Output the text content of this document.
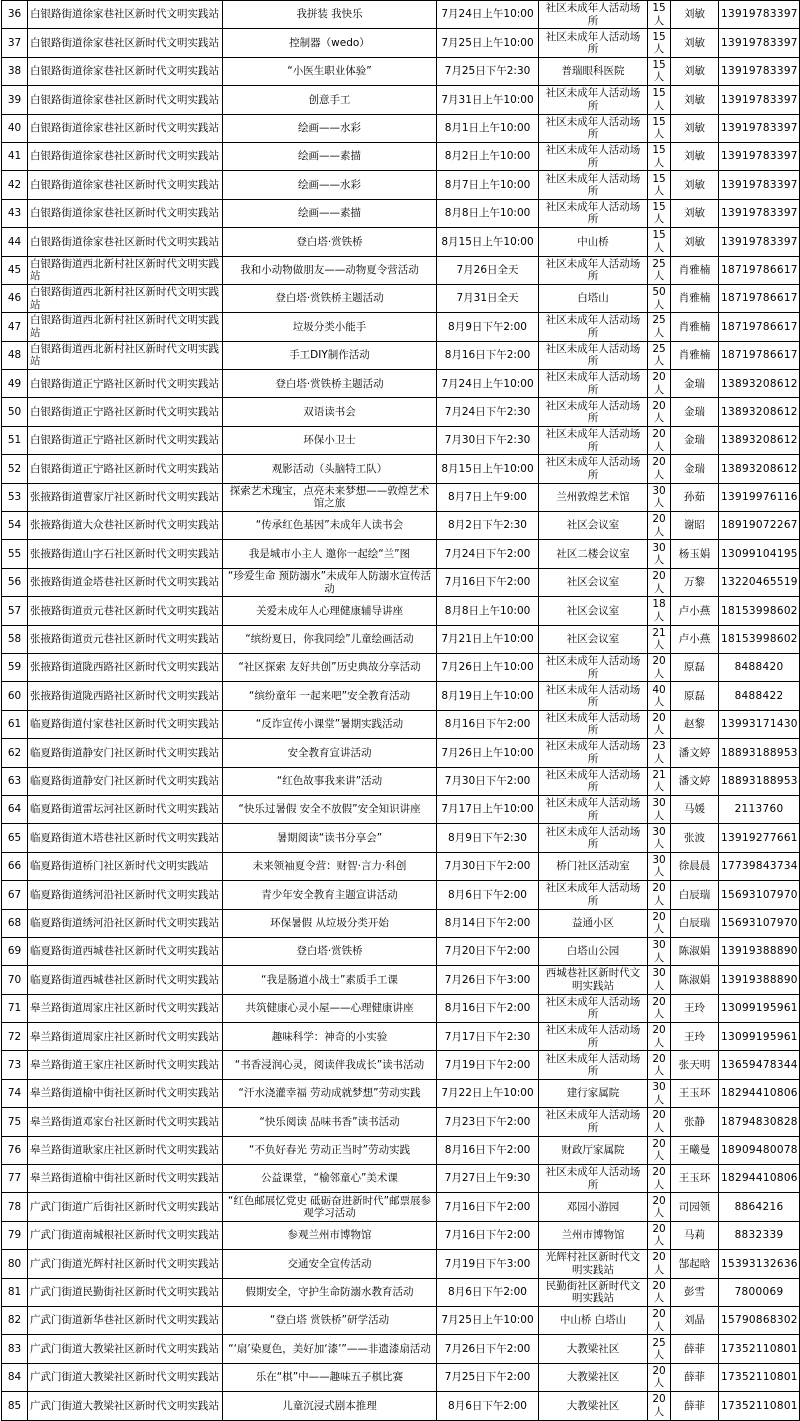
36	白银路街道徐家巷社区新时代文明实践站	我拼装 我快乐	7月24日上午10:00	社区未成年人活动场所	15人	刘敏	13919783397
37	白银路街道徐家巷社区新时代文明实践站	控制器（wedo）	7月25日上午10:00	社区未成年人活动场所	15人	刘敏	13919783397
38	白银路街道徐家巷社区新时代文明实践站	“小医生职业体验”	7月25日下午2:30	普瑞眼科医院	15人	刘敏	13919783397
39	白银路街道徐家巷社区新时代文明实践站	创意手工	7月31日上午10:00	社区未成年人活动场所	15人	刘敏	13919783397
40	白银路街道徐家巷社区新时代文明实践站	绘画——水彩	8月1日上午10:00	社区未成年人活动场所	15人	刘敏	13919783397
41	白银路街道徐家巷社区新时代文明实践站	绘画——素描	8月2日上午10:00	社区未成年人活动场所	15人	刘敏	13919783397
42	白银路街道徐家巷社区新时代文明实践站	绘画——水彩	8月7日上午10:00	社区未成年人活动场所	15人	刘敏	13919783397
43	白银路街道徐家巷社区新时代文明实践站	绘画——素描	8月8日上午10:00	社区未成年人活动场所	15人	刘敏	13919783397
44	白银路街道徐家巷社区新时代文明实践站	登白塔·赏铁桥	8月15日上午10:00	中山桥	15人	刘敏	13919783397
45	白银路街道西北新村社区新时代文明实践站	我和小动物做朋友——动物夏令营活动	7月26日全天	社区未成年人活动场所	25人	肖雅楠	18719786617
46	白银路街道西北新村社区新时代文明实践站	登白塔·赏铁桥主题活动	7月31日全天	白塔山	50人	肖雅楠	18719786617
47	白银路街道西北新村社区新时代文明实践站	垃圾分类小能手	8月9日下午2:00	社区未成年人活动场所	25人	肖雅楠	18719786617
48	白银路街道西北新村社区新时代文明实践站	手工DIY制作活动	8月16日下午2:00	社区未成年人活动场所	25人	肖雅楠	18719786617
49	白银路街道正宁路社区新时代文明实践站	登白塔·赏铁桥主题活动	7月24日上午10:00	社区未成年人活动场所	20人	金瑞	13893208612
50	白银路街道正宁路社区新时代文明实践站	双语读书会	7月24日下午2:30	社区未成年人活动场所	20人	金瑞	13893208612
51	白银路街道正宁路社区新时代文明实践站	环保小卫士	7月30日下午2:30	社区未成年人活动场所	20人	金瑞	13893208612
52	白银路街道正宁路社区新时代文明实践站	观影活动（头脑特工队）	8月15日上午10:00	社区未成年人活动场所	20人	金瑞	13893208612
53	张掖路街道曹家厅社区新时代文明实践站	探索艺术瑰宝，点亮未来梦想——敦煌艺术馆之旅	8月7日上午9:00	兰州敦煌艺术馆	30人	孙茹	13919976116
54	张掖路街道大众巷社区新时代文明实践站	“传承红色基因”未成年人读书会	8月2日下午2:30	社区会议室	20人	谢昭	18919072267
55	张掖路街道山字石社区新时代文明实践站	我是城市小主人 邀你一起绘“兰”图	7月24日下午2:00	社区二楼会议室	30人	杨玉娟	13099104195
56	张掖路街道金塔巷社区新时代文明实践站	“珍爱生命 预防溺水”未成年人防溺水宣传活动	7月16日下午2:00	社区会议室	20人	万黎	13220465519
57	张掖路街道贡元巷社区新时代文明实践站	关爱未成年人心理健康辅导讲座	8月8日上午10:00	社区会议室	18人	卢小燕	18153998602
58	张掖路街道贡元巷社区新时代文明实践站	“缤纷夏日，你我同绘”儿童绘画活动	7月21日上午10:00	社区会议室	21人	卢小燕	18153998602
59	张掖路街道陇西路社区新时代文明实践站	“社区探索 友好共创”历史典故分享活动	7月26日上午10:00	社区未成年人活动场所	20人	原磊	8488420
60	张掖路街道陇西路社区新时代文明实践站	“缤纷童年 一起来吧”安全教育活动	8月19日上午10:00	社区未成年人活动场所	40人	原磊	8488422
61	临夏路街道付家巷社区新时代文明实践站	“反诈宣传小课堂”暑期实践活动	8月16日下午2:00	社区未成年人活动场所	20人	赵黎	13993171430
62	临夏路街道静安门社区新时代文明实践站	安全教育宣讲活动	7月26日上午10:00	社区未成年人活动场所	23人	潘文婷	18893188953
63	临夏路街道静安门社区新时代文明实践站	“红色故事我来讲”活动	7月30日下午2:00	社区未成年人活动场所	21人	潘文婷	18893188953
64	临夏路街道雷坛河社区新时代文明实践站	“快乐过暑假 安全不放假”安全知识讲座	7月17日上午10:00	社区未成年人活动场所	30人	马媛	2113760
65	临夏路街道木塔巷社区新时代文明实践站	暑期阅读“读书分享会”	8月9日下午2:30	社区未成年人活动场所	30人	张波	13919277661
66	临夏路街道桥门社区新时代文明实践站	未来领袖夏令营：财智·言力·科创	7月30日下午2:00	桥门社区活动室	30人	徐晨晨	17739843734
67	临夏路街道绣河沿社区新时代文明实践站	青少年安全教育主题宣讲活动	8月6日下午2:00	社区未成年人活动场所	20人	白辰瑞	15693107970
68	临夏路街道绣河沿社区新时代文明实践站	环保暑假 从垃圾分类开始	8月14日下午2:00	益通小区	20人	白辰瑞	15693107970
69	临夏路街道西城巷社区新时代文明实践站	登白塔·赏铁桥	7月20日下午2:00	白塔山公园	30人	陈淑娟	13919388890
70	临夏路街道西城巷社区新时代文明实践站	“我是肠道小战士”素质手工课	7月26日下午3:00	西城巷社区新时代文明实践站	30人	陈淑娟	13919388890
71	皋兰路街道周家庄社区新时代文明实践站	共筑健康心灵小屋——心理健康讲座	8月16日下午2:00	社区未成年人活动场所	20人	王玲	13099195961
72	皋兰路街道周家庄社区新时代文明实践站	趣味科学：神奇的小实验	7月17日下午2:30	社区未成年人活动场所	20人	王玲	13099195961
73	皋兰路街道王家庄社区新时代文明实践站	“书香浸润心灵，阅读伴我成长”读书活动	7月19日下午2:00	社区未成年人活动场所	20人	张天明	13659478344
74	皋兰路街道榆中街社区新时代文明实践站	“汗水浇灌幸福 劳动成就梦想”劳动实践	7月22日上午10:00	建行家属院	30人	王玉环	18294410806
75	皋兰路街道邓家台社区新时代文明实践站	“快乐阅读 品味书香”读书活动	7月23日下午2:00	社区未成年人活动场所	20人	张静	18794830828
76	皋兰路街道耿家庄社区新时代文明实践站	“不负好春光 劳动正当时”劳动实践	8月16日下午2:00	财政厅家属院	20人	王曦曼	18909480078
77	皋兰路街道榆中街社区新时代文明实践站	公益课堂，“榆邻童心”美术课	7月27日上午9:30	社区未成年人活动场所	20人	王玉环	18294410806
78	广武门街道广后街社区新时代文明实践站	“红色邮展忆党史 砥砺奋进新时代”邮票展参观学习活动	7月16日下午2:00	邓园小游园	20人	司园领	8864216
79	广武门街道南城根社区新时代文明实践站	参观兰州市博物馆	7月16日下午2:00	兰州市博物馆	20人	马莉	8832339
80	广武门街道光辉村社区新时代文明实践站	交通安全宣传活动	7月19日下午3:00	光辉村社区新时代文明实践站	20人	郜起晗	15393132636
81	广武门街道民勤街社区新时代文明实践站	假期安全，守护生命防溺水教育活动	8月6日下午2:00	民勤街社区新时代文明实践站	20人	彭雪	7800069
82	广武门街道新华巷社区新时代文明实践站	“登白塔 赏铁桥”研学活动	7月25日上午10:00	中山桥 白塔山	20人	刘晶	15790868302
83	广武门街道大教梁社区新时代文明实践站	“‘扇’染夏色，美好加‘漆’”——非遗漆扇活动	7月26日下午2:00	大教梁社区	25人	薛菲	17352110801
84	广武门街道大教梁社区新时代文明实践站	乐在“棋”中——趣味五子棋比赛	7月25日下午2:00	大教梁社区	20人	薛菲	17352110801
85	广武门街道大教梁社区新时代文明实践站	儿童沉浸式剧本推理	8月6日下午2:00	大教梁社区	20人	薛菲	17352110801
